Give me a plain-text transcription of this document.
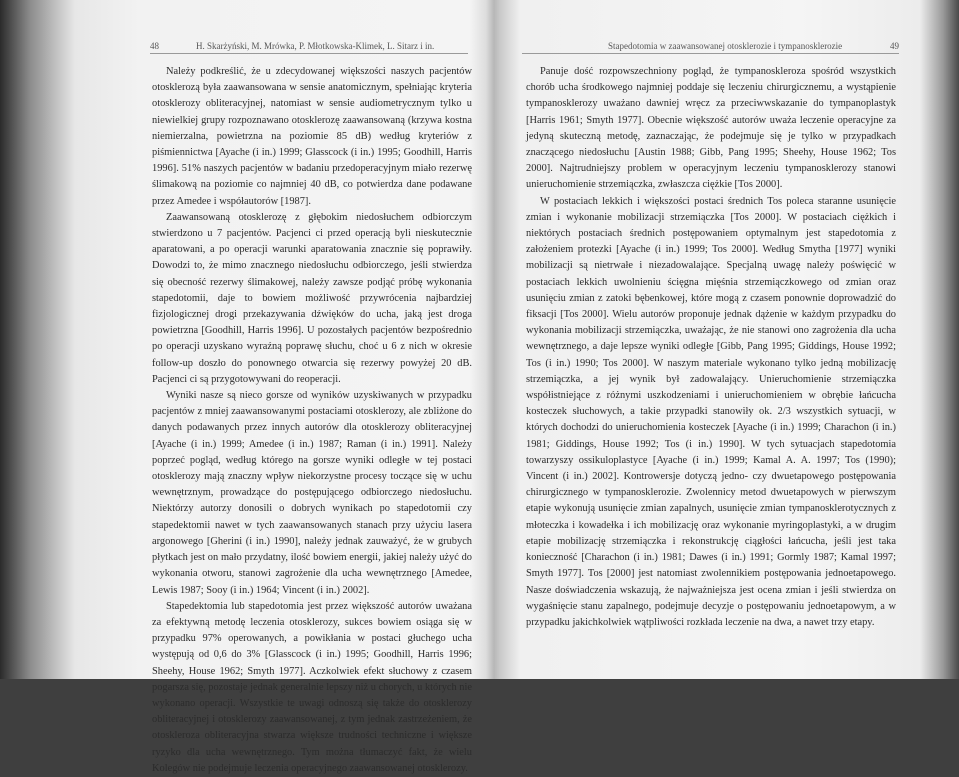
48	H. Skarżyński, M. Mrówka, P. Młotkowska-Klimek, L. Sitarz i in.

Należy podkreślić, że u zdecydowanej większości naszych pacjentów otosklerozą była zaawansowana w sensie anatomicznym, spełniając kryteria otosklerozy obliteracyjnej, natomiast w sensie audiometrycznym tylko u niewielkiej grupy rozpoznawano otosklerozę zaawansowaną (krzywa kostna niemierzalna, powietrzna na poziomie 85 dB) według kryteriów z piśmiennictwa [Ayache (i in.) 1999; Glasscock (i in.) 1995; Goodhill, Harris 1996]. 51% naszych pacjentów w badaniu przedoperacyjnym miało rezerwę ślimakową na poziomie co najmniej 40 dB, co potwierdza dane podawane przez Amedee i współautorów [1987].

Zaawansowaną otosklerozę z głębokim niedosłuchem odbiorczym stwierdzono u 7 pacjentów. Pacjenci ci przed operacją byli nieskutecznie aparatowani, a po operacji warunki aparatowania znacznie się poprawiły. Dowodzi to, że mimo znacznego niedosłuchu odbiorczego, jeśli stwierdza się obecność rezerwy ślimakowej, należy zawsze podjąć próbę wykonania stapedotomii, daje to bowiem możliwość przywrócenia najbardziej fizjologicznej drogi przekazywania dźwięków do ucha, jaką jest droga powietrzna [Goodhill, Harris 1996]. U pozostałych pacjentów bezpośrednio po operacji uzyskano wyraźną poprawę słuchu, choć u 6 z nich w okresie follow-up doszło do ponownego otwarcia się rezerwy powyżej 20 dB. Pacjenci ci są przygotowywani do reoperacji.

Wyniki nasze są nieco gorsze od wyników uzyskiwanych w przypadku pacjentów z mniej zaawansowanymi postaciami otosklerozy, ale zbliżone do danych podawanych przez innych autorów dla otosklerozy obliteracyjnej [Ayache (i in.) 1999; Amedee (i in.) 1987; Raman (i in.) 1991]. Należy poprzeć pogląd, według którego na gorsze wyniki odległe w tej postaci otosklerozy mają znaczny wpływ niekorzystne procesy toczące się w uchu wewnętrznym, prowadzące do postępującego odbiorczego niedosłuchu. Niektórzy autorzy donosili o dobrych wynikach po stapedotomii czy stapedektomii nawet w tych zaawansowanych stanach przy użyciu lasera argonowego [Gherini (i in.) 1990], należy jednak zauważyć, że w grubych płytkach jest on mało przydatny, ilość bowiem energii, jakiej należy użyć do wykonania otworu, stanowi zagrożenie dla ucha wewnętrznego [Amedee, Lewis 1987; Sooy (i in.) 1964; Vincent (i in.) 2002].

Stapedektomia lub stapedotomia jest przez większość autorów uważana za efektywną metodę leczenia otosklerozy, sukces bowiem osiąga się w przypadku 97% operowanych, a powikłania w postaci głuchego ucha występują od 0,6 do 3% [Glasscock (i in.) 1995; Goodhill, Harris 1996; Sheehy, House 1962; Smyth 1977]. Aczkolwiek efekt słuchowy z czasem pogarsza się, pozostaje jednak generalnie lepszy niż u chorych, u których nie wykonano operacji. Wszystkie te uwagi odnoszą się także do otosklerozy obliteracyjnej i otosklerozy zaawansowanej, z tym jednak zastrzeżeniem, że otosklerozа obliteracyjna stwarza większe trudności techniczne i większe ryzyko dla ucha wewnętrznego. Tym można tłumaczyć fakt, że wielu Kolegów nie podejmuje leczenia operacyjnego zaawansowanej otosklerozy.

Stapedotomia w zaawansowanej otosklerozie i tympanosklerozie	49

Panuje dość rozpowszechniony pogląd, że tympanoskleroza spośród wszystkich chorób ucha środkowego najmniej poddaje się leczeniu chirurgicznemu, a wystąpienie tympanosklerozy uważano dawniej wręcz za przeciwwskazanie do tympanoplastyk [Harris 1961; Smyth 1977]. Obecnie większość autorów uważa leczenie operacyjne za jedyną skuteczną metodę, zaznaczając, że podejmuje się je tylko w przypadkach znaczącego niedosłuchu [Austin 1988; Gibb, Pang 1995; Sheehy, House 1962; Tos 2000]. Najtrudniejszy problem w operacyjnym leczeniu tympanosklerozy stanowi unieruchomienie strzemiączka, zwłaszcza ciężkie [Tos 2000].

W postaciach lekkich i większości postaci średnich Tos poleca staranne usunięcie zmian i wykonanie mobilizacji strzemiączka [Tos 2000]. W postaciach ciężkich i niektórych postaciach średnich postępowaniem optymalnym jest stapedotomia z założeniem protezki [Ayache (i in.) 1999; Tos 2000]. Według Smytha [1977] wyniki mobilizacji są nietrwałe i niezadowalające. Specjalną uwagę należy poświęcić w postaciach lekkich uwolnieniu ścięgna mięśnia strzemiączkowego od zmian oraz usunięciu zmian z zatoki bębenkowej, które mogą z czasem ponownie doprowadzić do fiksacji [Tos 2000]. Wielu autorów proponuje jednak dążenie w każdym przypadku do wykonania mobilizacji strzemiączka, uważając, że nie stanowi ono zagrożenia dla ucha wewnętrznego, a daje lepsze wyniki odległe [Gibb, Pang 1995; Giddings, House 1992; Tos (i in.) 1990; Tos 2000]. W naszym materiale wykonano tylko jedną mobilizację strzemiączka, a jej wynik był zadowalający. Unieruchomienie strzemiączka współistniejące z różnymi uszkodzeniami i unieruchomieniem w obrębie łańcucha kosteczek słuchowych, a takie przypadki stanowiły ok. 2/3 wszystkich sytuacji, w których dochodzi do unieruchomienia kosteczek [Ayache (i in.) 1999; Charachon (i in.) 1981; Giddings, House 1992; Tos (i in.) 1990]. W tych sytuacjach stapedotomia towarzyszy ossikuloplastyce [Ayache (i in.) 1999; Kamal A. A. 1997; Tos (1990); Vincent (i in.) 2002]. Kontrowersje dotyczą jedno- czy dwuetapowego postępowania chirurgicznego w tympanosklerozie. Zwolennicy metod dwuetapowych w pierwszym etapie wykonują usunięcie zmian zapalnych, usunięcie zmian tympanosklerotycznych z młoteczka i kowadełka i ich mobilizację oraz wykonanie myringoplastyki, a w drugim etapie mobilizację strzemiączka i rekonstrukcję ciągłości łańcucha, jeśli jest taka konieczność [Charachon (i in.) 1981; Dawes (i in.) 1991; Gormly 1987; Kamal 1997; Smyth 1977]. Tos [2000] jest natomiast zwolennikiem postępowania jednoetapowego. Nasze doświadczenia wskazują, że najważniejsza jest ocena zmian i jeśli stwierdza on wygaśnięcie stanu zapalnego, podejmuje decyzje o postępowaniu jednoetapowym, a w przypadku jakichkolwiek wątpliwości rozkłada leczenie na dwa, a nawet trzy etapy.
